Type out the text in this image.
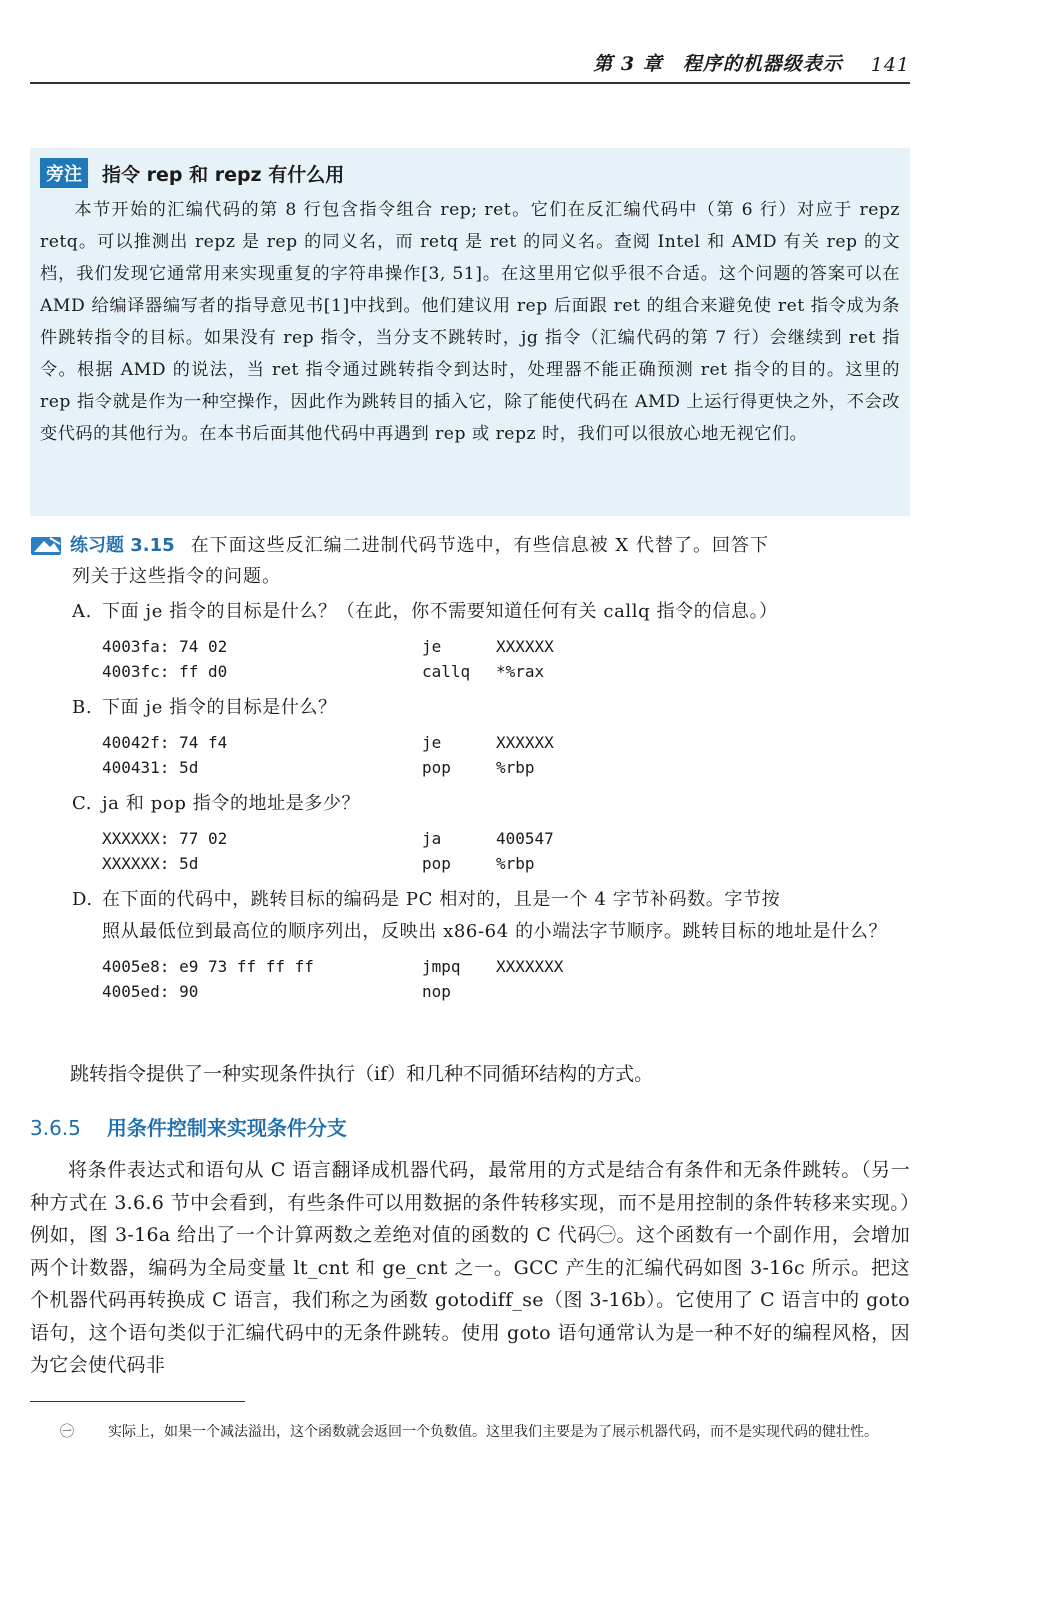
第 3 章　程序的机器级表示 141
旁注	指令 rep 和 repz 有什么用

本节开始的汇编代码的第 8 行包含指令组合 rep; ret。它们在反汇编代码中（第 6 行）对应于 repz retq。可以推测出 repz 是 rep 的同义名，而 retq 是 ret 的同义名。查阅 Intel 和 AMD 有关 rep 的文档，我们发现它通常用来实现重复的字符串操作[3, 51]。在这里用它似乎很不合适。这个问题的答案可以在 AMD 给编译器编写者的指导意见书[1]中找到。他们建议用 rep 后面跟 ret 的组合来避免使 ret 指令成为条件跳转指令的目标。如果没有 rep 指令，当分支不跳转时，jg 指令（汇编代码的第 7 行）会继续到 ret 指令。根据 AMD 的说法，当 ret 指令通过跳转指令到达时，处理器不能正确预测 ret 指令的目的。这里的 rep 指令就是作为一种空操作，因此作为跳转目的插入它，除了能使代码在 AMD 上运行得更快之外，不会改变代码的其他行为。在本书后面其他代码中再遇到 rep 或 repz 时，我们可以很放心地无视它们。

练习题 3.15 在下面这些反汇编二进制代码节选中，有些信息被 X 代替了。回答下
列关于这些指令的问题。
A. 下面 je 指令的目标是什么？（在此，你不需要知道任何有关 callq 指令的信息。）
4003fa: 74 02	je	XXXXXX
4003fc: ff d0	callq	*%rax
B. 下面 je 指令的目标是什么？
40042f: 74 f4	je	XXXXXX
400431: 5d	pop	%rbp
C. ja 和 pop 指令的地址是多少？
XXXXXX: 77 02	ja	400547
XXXXXX: 5d	pop	%rbp
D. 在下面的代码中，跳转目标的编码是 PC 相对的，且是一个 4 字节补码数。字节按
照从最低位到最高位的顺序列出，反映出 x86-64 的小端法字节顺序。跳转目标的地址是什么？
4005e8: e9 73 ff ff ff	jmpq	XXXXXXX
4005ed: 90	nop
跳转指令提供了一种实现条件执行（if）和几种不同循环结构的方式。
3.6.5 用条件控制来实现条件分支

将条件表达式和语句从 C 语言翻译成机器代码，最常用的方式是结合有条件和无条件跳转。（另一种方式在 3.6.6 节中会看到，有些条件可以用数据的条件转移实现，而不是用控制的条件转移来实现。）例如，图 3-16a 给出了一个计算两数之差绝对值的函数的 C 代码㊀。这个函数有一个副作用，会增加两个计数器，编码为全局变量 lt_cnt 和 ge_cnt 之一。GCC 产生的汇编代码如图 3-16c 所示。把这个机器代码再转换成 C 语言，我们称之为函数 gotodiff_se（图 3-16b）。它使用了 C 语言中的 goto 语句，这个语句类似于汇编代码中的无条件跳转。使用 goto 语句通常认为是一种不好的编程风格，因为它会使代码非

㊀	实际上，如果一个减法溢出，这个函数就会返回一个负数值。这里我们主要是为了展示机器代码，而不是实现代码的健壮性。
